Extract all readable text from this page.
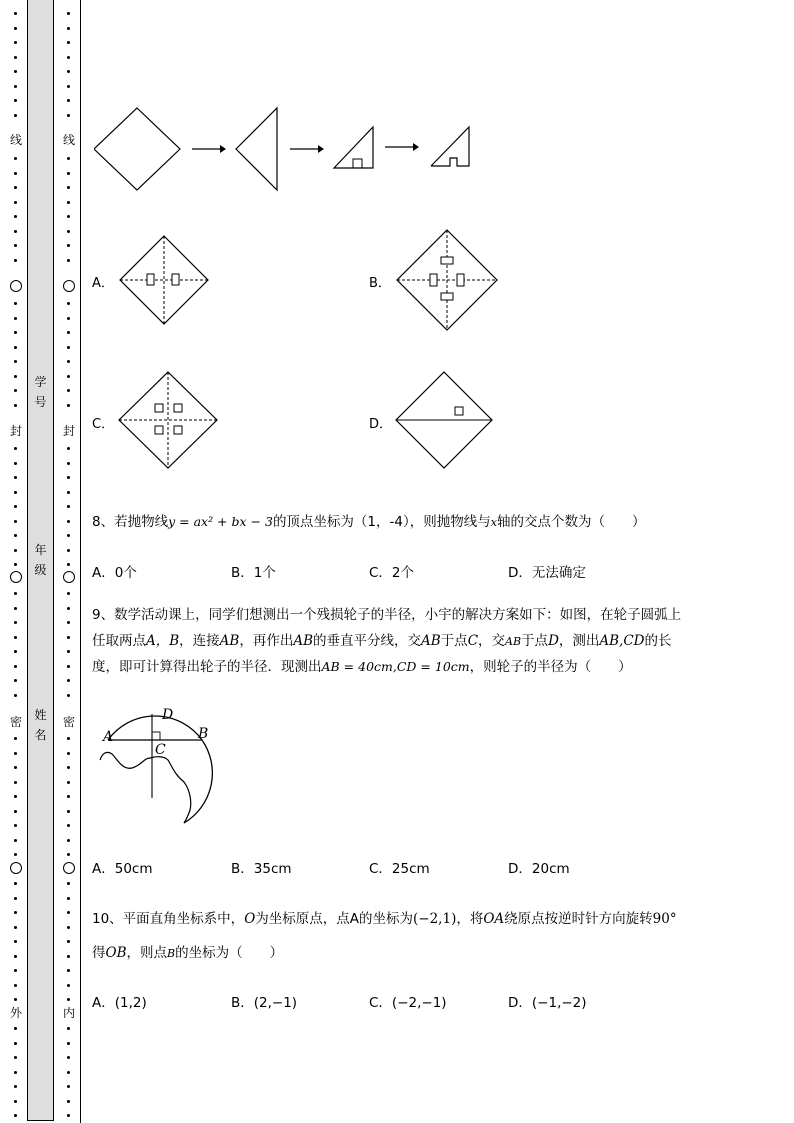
线
封
密
外
学
号
年
级
姓
名
线
封
密
内
A．	B．
C．	D．
8、若抛物线y = ax² + bx − 3的顶点坐标为（1，-4），则抛物线与x轴的交点个数为（　　）
A．0个	B．1个	C．2个	D．无法确定
9、数学活动课上，同学们想测出一个残损轮子的半径，小宇的解决方案如下：如图，在轮子圆弧上
任取两点A，B，连接AB，再作出AB的垂直平分线，交AB于点C，交AB于点D，测出AB,CD的长
度，即可计算得出轮子的半径．现测出AB = 40cm,CD = 10cm，则轮子的半径为（　　）
A	B
C
D
A．50cm	B．35cm	C．25cm	D．20cm
10、平面直角坐标系中，O为坐标原点，点A的坐标为(−2,1)，将OA绕原点按逆时针方向旋转90°
得OB，则点B的坐标为（　　）
A．(1,2)	B．(2,−1)	C．(−2,−1)	D．(−1,−2)
